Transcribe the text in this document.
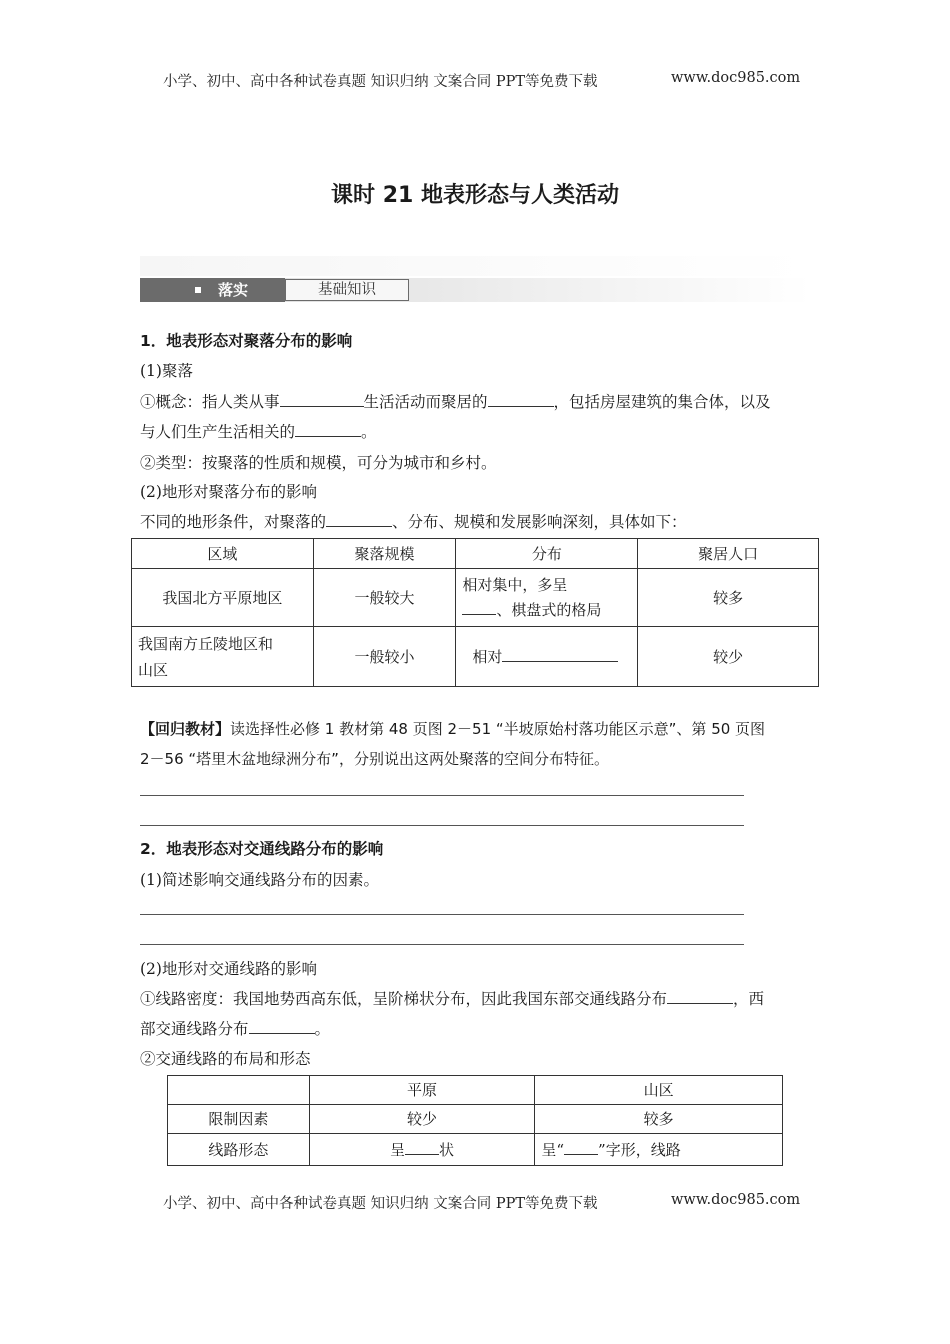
小学、初中、高中各种试卷真题 知识归纳 文案合同 PPT等免费下载	www.doc985.com
课时 21 地表形态与人类活动
落实	基础知识
1．地表形态对聚落分布的影响
(1)聚落
①概念：指人类从事	生活活动而聚居的	，包括房屋建筑的集合体，以及
与人们生产生活相关的	。
②类型：按聚落的性质和规模，可分为城市和乡村。
(2)地形对聚落分布的影响
不同的地形条件，对聚落的	、分布、规模和发展影响深刻，具体如下：
区域	聚落规模	分布	聚居人口
我国北方平原地区	一般较大	相对集中，多呈
、棋盘式的格局	较多
我国南方丘陵地区和
山区	一般较小	相对	较少
【回归教材】读选择性必修 1 教材第 48 页图 2－51 “半坡原始村落功能区示意”、第 50 页图
2－56 “塔里木盆地绿洲分布”，分别说出这两处聚落的空间分布特征。
2．地表形态对交通线路分布的影响
(1)简述影响交通线路分布的因素。
(2)地形对交通线路的影响
①线路密度：我国地势西高东低，呈阶梯状分布，因此我国东部交通线路分布	，西
部交通线路分布	。
②交通线路的布局和形态
	平原	山区
限制因素	较少	较多
线路形态	呈 状	呈“ ”字形，线路
小学、初中、高中各种试卷真题 知识归纳 文案合同 PPT等免费下载	www.doc985.com
